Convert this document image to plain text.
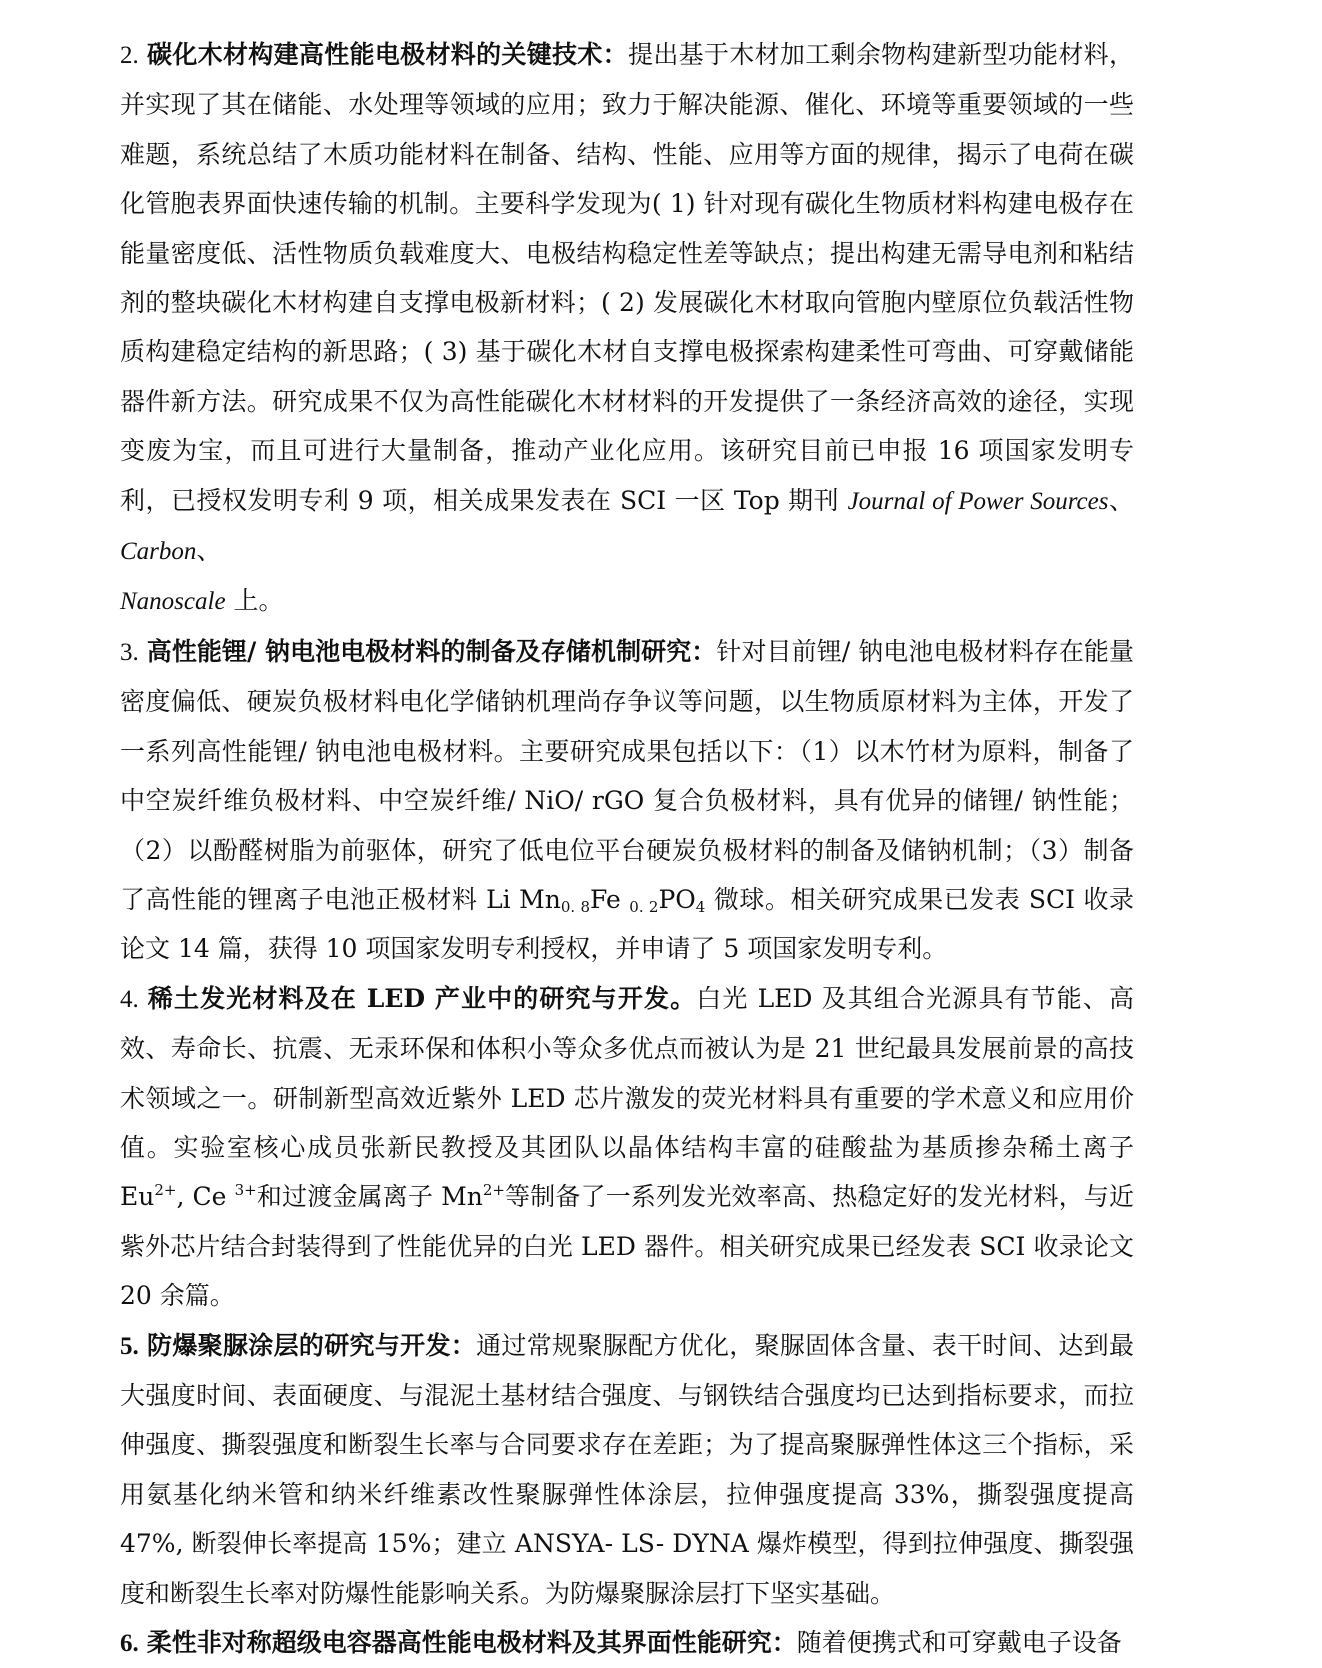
2. 碳化木材构建高性能电极材料的关键技术：提出基于木材加工剩余物构建新型功能材料，并实现了其在储能、水处理等领域的应用；致力于解决能源、催化、环境等重要领域的一些难题，系统总结了木质功能材料在制备、结构、性能、应用等方面的规律，揭示了电荷在碳化管胞表界面快速传输的机制。主要科学发现为( 1) 针对现有碳化生物质材料构建电极存在能量密度低、活性物质负载难度大、电极结构稳定性差等缺点；提出构建无需导电剂和粘结剂的整块碳化木材构建自支撑电极新材料；( 2) 发展碳化木材取向管胞内壁原位负载活性物质构建稳定结构的新思路；( 3) 基于碳化木材自支撑电极探索构建柔性可弯曲、可穿戴储能器件新方法。研究成果不仅为高性能碳化木材材料的开发提供了一条经济高效的途径，实现变废为宝，而且可进行大量制备，推动产业化应用。该研究目前已申报 16 项国家发明专利，已授权发明专利 9 项，相关成果发表在 SCI 一区 Top 期刊 Journal of Power Sources、Carbon、
Nanoscale 上。

3. 高性能锂/ 钠电池电极材料的制备及存储机制研究：针对目前锂/ 钠电池电极材料存在能量密度偏低、硬炭负极材料电化学储钠机理尚存争议等问题，以生物质原材料为主体，开发了一系列高性能锂/ 钠电池电极材料。主要研究成果包括以下：（1）以木竹材为原料，制备了中空炭纤维负极材料、中空炭纤维/ NiO/ rGO 复合负极材料，具有优异的储锂/ 钠性能；（2）以酚醛树脂为前驱体，研究了低电位平台硬炭负极材料的制备及储钠机制；（3）制备了高性能的锂离子电池正极材料 Li $Mn_{0. 8}Fe$ $_{0. 2}PO_4$ 微球。相关研究成果已发表 SCI 收录论文 14 篇，获得 10 项国家发明专利授权，并申请了 5 项国家发明专利。

4. 稀土发光材料及在 LED 产业中的研究与开发。白光 LED 及其组合光源具有节能、高效、寿命长、抗震、无汞环保和体积小等众多优点而被认为是 21 世纪最具发展前景的高技术领域之一。研制新型高效近紫外 LED 芯片激发的荧光材料具有重要的学术意义和应用价值。实验室核心成员张新民教授及其团队以晶体结构丰富的硅酸盐为基质掺杂稀土离子 $Eu^{2+}$, Ce $^{3+}$和过渡金属离子 $Mn^{2+}$等制备了一系列发光效率高、热稳定好的发光材料，与近紫外芯片结合封装得到了性能优异的白光 LED 器件。相关研究成果已经发表 SCI 收录论文 20 余篇。

5. 防爆聚脲涂层的研究与开发：通过常规聚脲配方优化，聚脲固体含量、表干时间、达到最大强度时间、表面硬度、与混泥土基材结合强度、与钢铁结合强度均已达到指标要求，而拉伸强度、撕裂强度和断裂生长率与合同要求存在差距；为了提高聚脲弹性体这三个指标，采用氨基化纳米管和纳米纤维素改性聚脲弹性体涂层，拉伸强度提高 33%，撕裂强度提高 47%, 断裂伸长率提高 15%；建立 ANSYA- LS- DYNA 爆炸模型，得到拉伸强度、撕裂强度和断裂生长率对防爆性能影响关系。为防爆聚脲涂层打下坚实基础。

6. 柔性非对称超级电容器高性能电极材料及其界面性能研究：随着便携式和可穿戴电子设备
